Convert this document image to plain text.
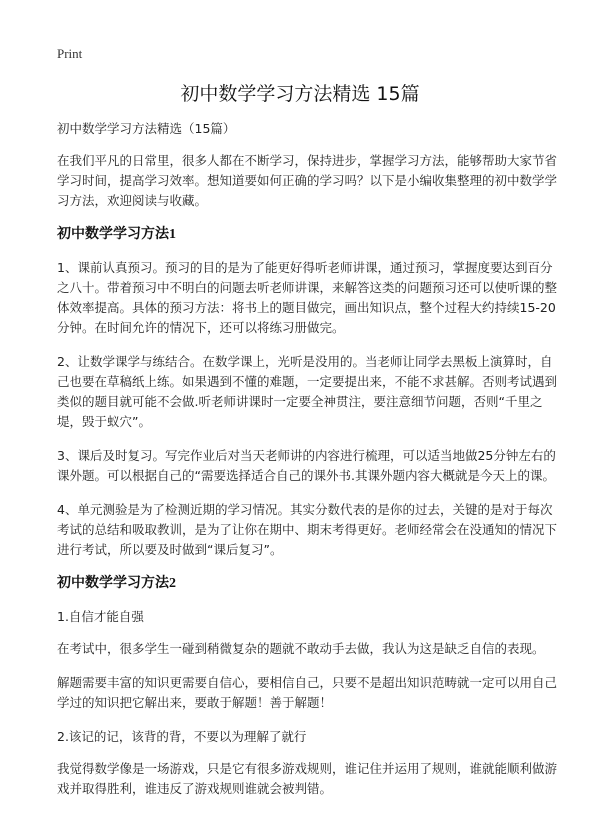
Print
初中数学学习方法精选 15篇
初中数学学习方法精选（15篇）

在我们平凡的日常里，很多人都在不断学习，保持进步，掌握学习方法，能够帮助大家节省学习时间，提高学习效率。想知道要如何正确的学习吗？以下是小编收集整理的初中数学学习方法，欢迎阅读与收藏。

初中数学学习方法1

1、课前认真预习。预习的目的是为了能更好得听老师讲课，通过预习，掌握度要达到百分之八十。带着预习中不明白的问题去听老师讲课，来解答这类的问题预习还可以使听课的整体效率提高。具体的预习方法：将书上的题目做完，画出知识点，整个过程大约持续15-20分钟。在时间允许的情况下，还可以将练习册做完。

2、让数学课学与练结合。在数学课上，光听是没用的。当老师让同学去黑板上演算时，自己也要在草稿纸上练。如果遇到不懂的难题，一定要提出来，不能不求甚解。否则考试遇到类似的题目就可能不会做.听老师讲课时一定要全神贯注，要注意细节问题，否则“千里之堤，毁于蚁穴”。

3、课后及时复习。写完作业后对当天老师讲的内容进行梳理，可以适当地做25分钟左右的课外题。可以根据自己的“需要选择适合自己的课外书.其课外题内容大概就是今天上的课。

4、单元测验是为了检测近期的学习情况。其实分数代表的是你的过去，关键的是对于每次考试的总结和吸取教训，是为了让你在期中、期末考得更好。老师经常会在没通知的情况下进行考试，所以要及时做到“课后复习”。

初中数学学习方法2

1.自信才能自强

在考试中，很多学生一碰到稍微复杂的题就不敢动手去做，我认为这是缺乏自信的表现。

解题需要丰富的知识更需要自信心，要相信自己，只要不是超出知识范畴就一定可以用自己学过的知识把它解出来，要敢于解题！善于解题！

2.该记的记，该背的背，不要以为理解了就行

我觉得数学像是一场游戏，只是它有很多游戏规则，谁记住并运用了规则，谁就能顺利做游戏并取得胜利，谁违反了游戏规则谁就会被判错。
